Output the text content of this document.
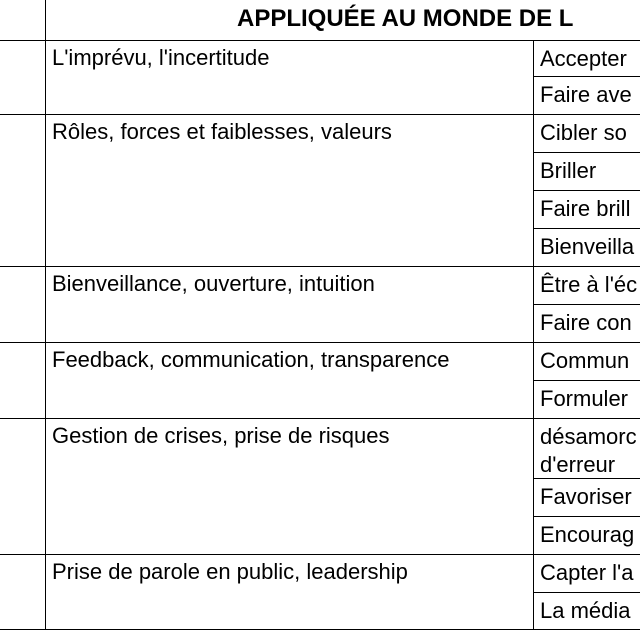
APPLIQUÉE AU MONDE DE L
L'imprévu, l'incertitude	Accepter
Faire ave
Rôles, forces et faiblesses, valeurs	Cibler so
Briller
Faire brill
Bienveilla
Bienveillance, ouverture, intuition	Être à l'éc
Faire con
Feedback, communication, transparence	Commun
Formuler
Gestion de crises, prise de risques	désamorc
d'erreur
Favoriser
Encourag
Prise de parole en public, leadership	Capter l'a
La média
